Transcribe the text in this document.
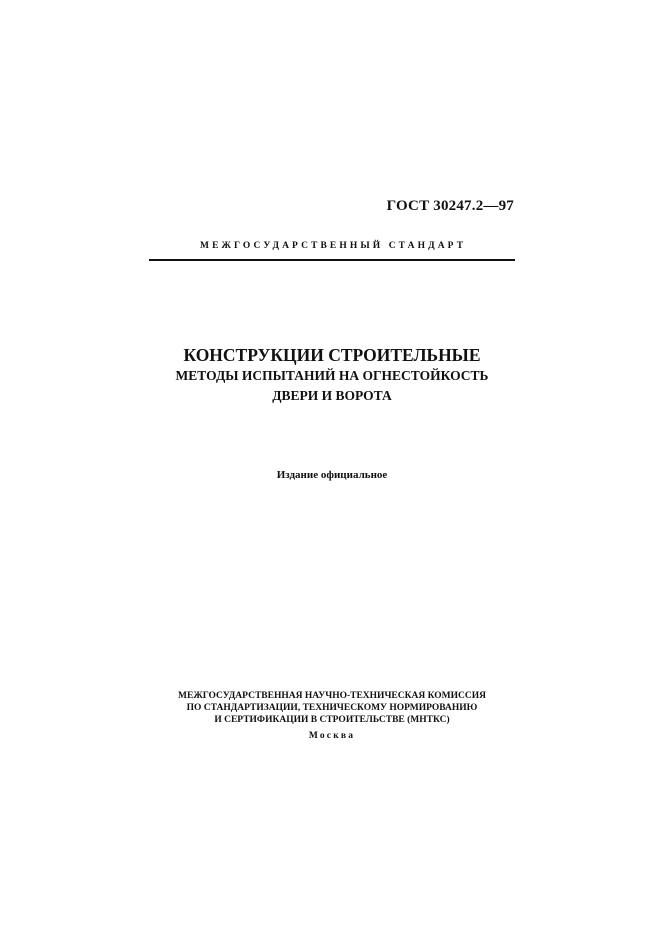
ГОСТ 30247.2—97
МЕЖГОСУДАРСТВЕННЫЙ СТАНДАРТ
КОНСТРУКЦИИ СТРОИТЕЛЬНЫЕ
МЕТОДЫ ИСПЫТАНИЙ НА ОГНЕСТОЙКОСТЬ
ДВЕРИ И ВОРОТА
Издание официальное
МЕЖГОСУДАРСТВЕННАЯ НАУЧНО-ТЕХНИЧЕСКАЯ КОМИССИЯ
ПО СТАНДАРТИЗАЦИИ, ТЕХНИЧЕСКОМУ НОРМИРОВАНИЮ
И СЕРТИФИКАЦИИ В СТРОИТЕЛЬСТВЕ (МНТКС)
Москва
